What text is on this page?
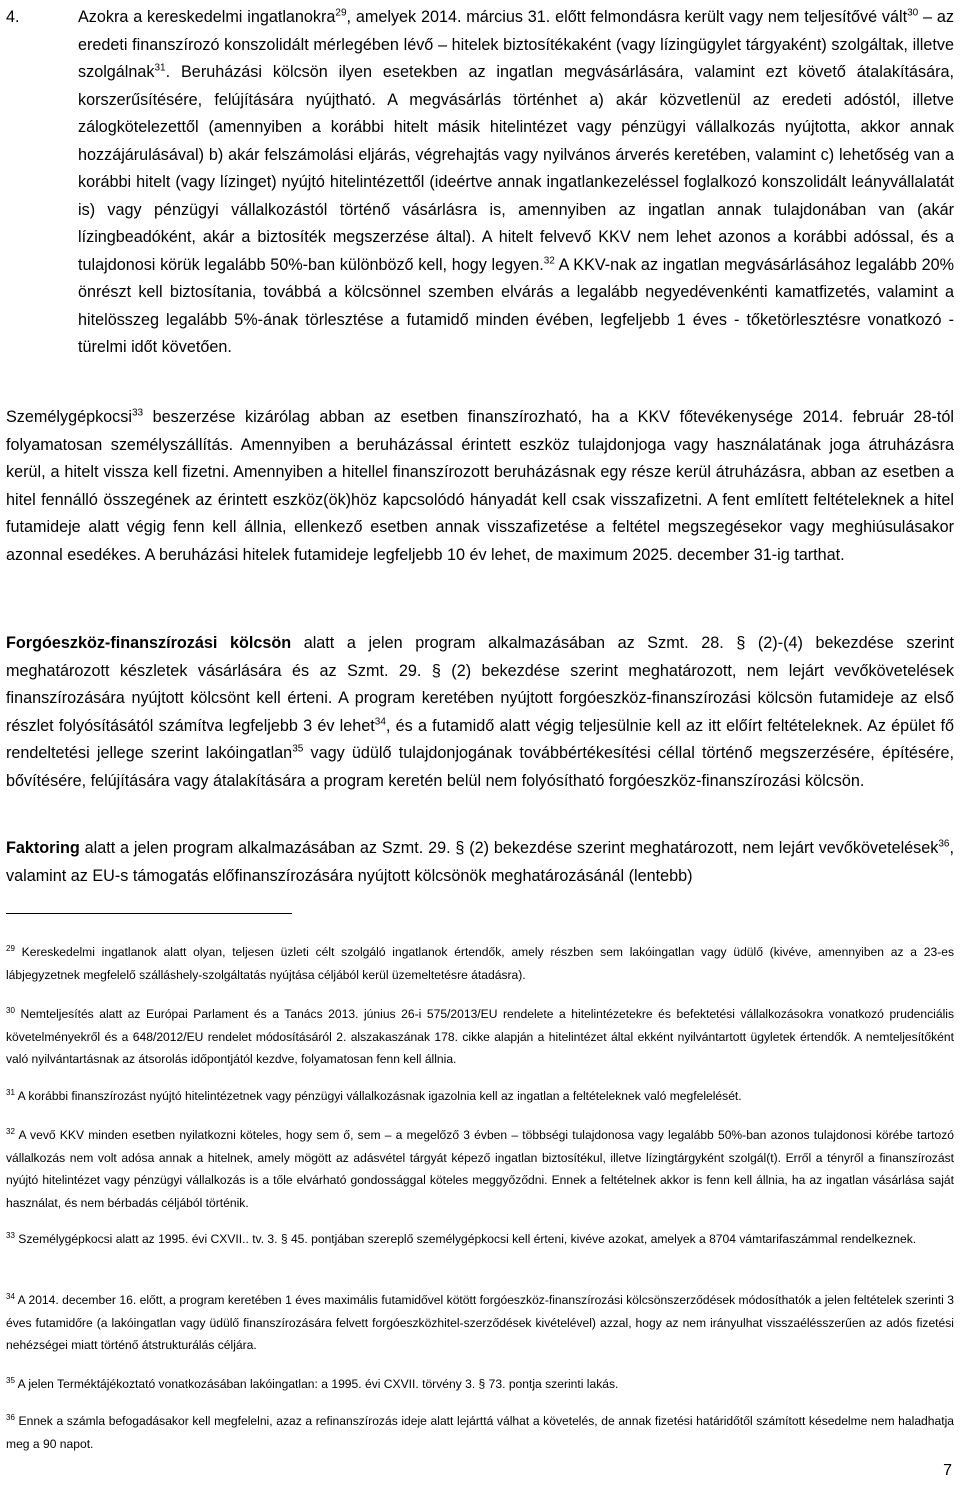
4.	Azokra a kereskedelmi ingatlanokra$^{29}$, amelyek 2014. március 31. előtt felmondásra került vagy nem teljesítővé vált$^{30}$ – az eredeti finanszírozó konszolidált mérlegében lévő – hitelek biztosítékaként (vagy lízingügylet tárgyaként) szolgáltak, illetve szolgálnak$^{31}$. Beruházási kölcsön ilyen esetekben az ingatlan megvásárlására, valamint ezt követő átalakítására, korszerűsítésére, felújítására nyújtható. A megvásárlás történhet a) akár közvetlenül az eredeti adóstól, illetve zálogkötelezettől (amennyiben a korábbi hitelt másik hitelintézet vagy pénzügyi vállalkozás nyújtotta, akkor annak hozzájárulásával) b) akár felszámolási eljárás, végrehajtás vagy nyilvános árverés keretében, valamint c) lehetőség van a korábbi hitelt (vagy lízinget) nyújtó hitelintézettől (ideértve annak ingatlankezeléssel foglalkozó konszolidált leányvállalatát is) vagy pénzügyi vállalkozástól történő vásárlásra is, amennyiben az ingatlan annak tulajdonában van (akár lízingbeadóként, akár a biztosíték megszerzése által). A hitelt felvevő KKV nem lehet azonos a korábbi adóssal, és a tulajdonosi körük legalább 50%-ban különböző kell, hogy legyen.$^{32}$ A KKV-nak az ingatlan megvásárlásához legalább 20% önrészt kell biztosítania, továbbá a kölcsönnel szemben elvárás a legalább negyedévenkénti kamatfizetés, valamint a hitelösszeg legalább 5%-ának törlesztése a futamidő minden évében, legfeljebb 1 éves - tőketörlesztésre vonatkozó - türelmi időt követően.

Személygépkocsi$^{33}$ beszerzése kizárólag abban az esetben finanszírozható, ha a KKV főtevékenysége 2014. február 28-tól folyamatosan személyszállítás. Amennyiben a beruházással érintett eszköz tulajdonjoga vagy használatának joga átruházásra kerül, a hitelt vissza kell fizetni. Amennyiben a hitellel finanszírozott beruházásnak egy része kerül átruházásra, abban az esetben a hitel fennálló összegének az érintett eszköz(ök)höz kapcsolódó hányadát kell csak visszafizetni. A fent említett feltételeknek a hitel futamideje alatt végig fenn kell állnia, ellenkező esetben annak visszafizetése a feltétel megszegésekor vagy meghiúsulásakor azonnal esedékes. A beruházási hitelek futamideje legfeljebb 10 év lehet, de maximum 2025. december 31-ig tarthat.

Forgóeszköz-finanszírozási kölcsön alatt a jelen program alkalmazásában az Szmt. 28. § (2)-(4) bekezdése szerint meghatározott készletek vásárlására és az Szmt. 29. § (2) bekezdése szerint meghatározott, nem lejárt vevőkövetelések finanszírozására nyújtott kölcsönt kell érteni. A program keretében nyújtott forgóeszköz-finanszírozási kölcsön futamideje az első részlet folyósításától számítva legfeljebb 3 év lehet$^{34}$, és a futamidő alatt végig teljesülnie kell az itt előírt feltételeknek. Az épület fő rendeltetési jellege szerint lakóingatlan$^{35}$ vagy üdülő tulajdonjogának továbbértékesítési céllal történő megszerzésére, építésére, bővítésére, felújítására vagy átalakítására a program keretén belül nem folyósítható forgóeszköz-finanszírozási kölcsön.

Faktoring alatt a jelen program alkalmazásában az Szmt. 29. § (2) bekezdése szerint meghatározott, nem lejárt vevőkövetelések$^{36}$, valamint az EU-s támogatás előfinanszírozására nyújtott kölcsönök meghatározásánál (lentebb)

$^{29}$ Kereskedelmi ingatlanok alatt olyan, teljesen üzleti célt szolgáló ingatlanok értendők, amely részben sem lakóingatlan vagy üdülő (kivéve, amennyiben az a 23-es lábjegyzetnek megfelelő szálláshely-szolgáltatás nyújtása céljából kerül üzemeltetésre átadásra).

$^{30}$ Nemteljesítés alatt az Európai Parlament és a Tanács 2013. június 26-i 575/2013/EU rendelete a hitelintézetekre és befektetési vállalkozásokra vonatkozó prudenciális követelményekről és a 648/2012/EU rendelet módosításáról 2. alszakaszának 178. cikke alapján a hitelintézet által ekként nyilvántartott ügyletek értendők. A nemteljesítőként való nyilvántartásnak az átsorolás időpontjától kezdve, folyamatosan fenn kell állnia.

$^{31}$ A korábbi finanszírozást nyújtó hitelintézetnek vagy pénzügyi vállalkozásnak igazolnia kell az ingatlan a feltételeknek való megfelelését.

$^{32}$ A vevő KKV minden esetben nyilatkozni köteles, hogy sem ő, sem – a megelőző 3 évben – többségi tulajdonosa vagy legalább 50%-ban azonos tulajdonosi körébe tartozó vállalkozás nem volt adósa annak a hitelnek, amely mögött az adásvétel tárgyát képező ingatlan biztosítékul, illetve lízingtárgyként szolgál(t). Erről a tényről a finanszírozást nyújtó hitelintézet vagy pénzügyi vállalkozás is a tőle elvárható gondossággal köteles meggyőződni. Ennek a feltételnek akkor is fenn kell állnia, ha az ingatlan vásárlása saját használat, és nem bérbadás céljából történik.

$^{33}$ Személygépkocsi alatt az 1995. évi CXVII.. tv. 3. § 45. pontjában szereplő személygépkocsi kell érteni, kivéve azokat, amelyek a 8704 vámtarifaszámmal rendelkeznek.

$^{34}$ A 2014. december 16. előtt, a program keretében 1 éves maximális futamidővel kötött forgóeszköz-finanszírozási kölcsönszerződések módosíthatók a jelen feltételek szerinti 3 éves futamidőre (a lakóingatlan vagy üdülő finanszírozására felvett forgóeszközhitel-szerződések kivételével) azzal, hogy az nem irányulhat visszaélésszerűen az adós fizetési nehézségei miatt történő átstrukturálás céljára.

$^{35}$ A jelen Terméktájékoztató vonatkozásában lakóingatlan: a 1995. évi CXVII. törvény 3. § 73. pontja szerinti lakás.

$^{36}$ Ennek a számla befogadásakor kell megfelelni, azaz a refinanszírozás ideje alatt lejárttá válhat a követelés, de annak fizetési határidőtől számított késedelme nem haladhatja meg a 90 napot.

7
